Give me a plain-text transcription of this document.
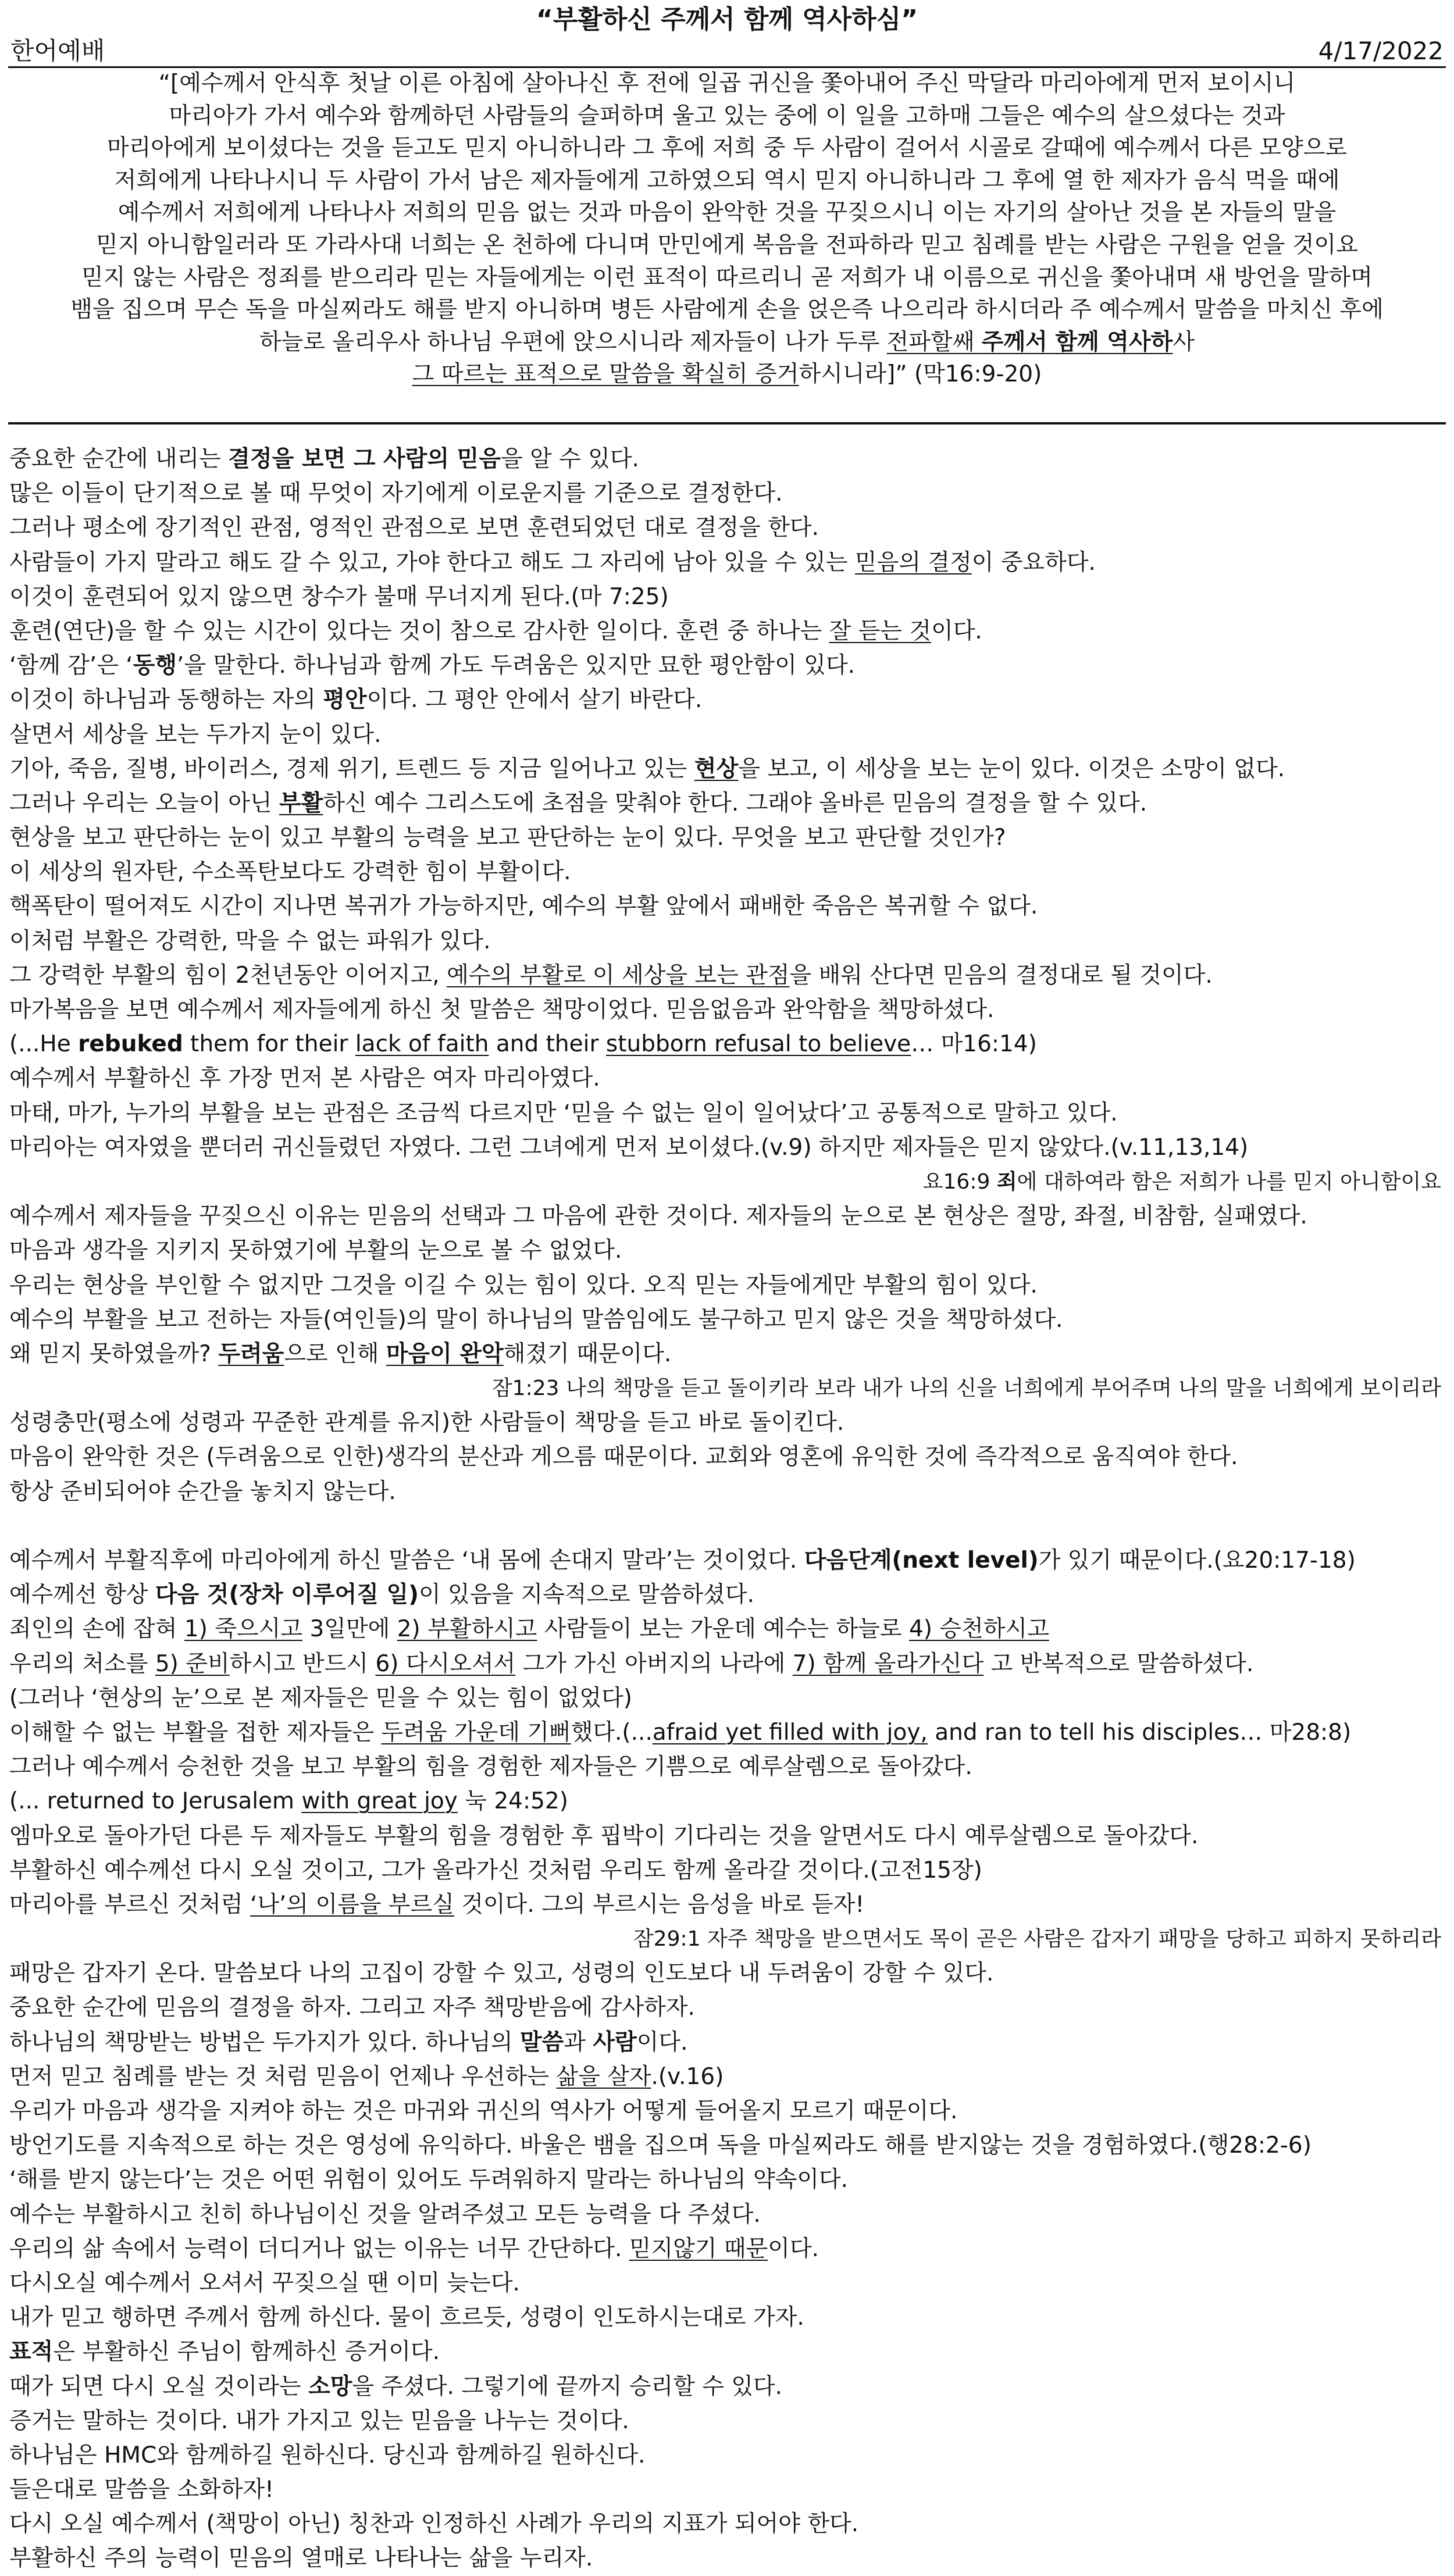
“부활하신 주께서 함께 역사하심”
한어예배	4/17/2022
“[예수께서 안식후 첫날 이른 아침에 살아나신 후 전에 일곱 귀신을 쫓아내어 주신 막달라 마리아에게 먼저 보이시니
마리아가 가서 예수와 함께하던 사람들의 슬퍼하며 울고 있는 중에 이 일을 고하매 그들은 예수의 살으셨다는 것과
마리아에게 보이셨다는 것을 듣고도 믿지 아니하니라 그 후에 저희 중 두 사람이 걸어서 시골로 갈때에 예수께서 다른 모양으로
저희에게 나타나시니 두 사람이 가서 남은 제자들에게 고하였으되 역시 믿지 아니하니라 그 후에 열 한 제자가 음식 먹을 때에
예수께서 저희에게 나타나사 저희의 믿음 없는 것과 마음이 완악한 것을 꾸짖으시니 이는 자기의 살아난 것을 본 자들의 말을
믿지 아니함일러라 또 가라사대 너희는 온 천하에 다니며 만민에게 복음을 전파하라 믿고 침례를 받는 사람은 구원을 얻을 것이요
믿지 않는 사람은 정죄를 받으리라 믿는 자들에게는 이런 표적이 따르리니 곧 저희가 내 이름으로 귀신을 쫓아내며 새 방언을 말하며
뱀을 집으며 무슨 독을 마실찌라도 해를 받지 아니하며 병든 사람에게 손을 얹은즉 나으리라 하시더라 주 예수께서 말씀을 마치신 후에
하늘로 올리우사 하나님 우편에 앉으시니라 제자들이 나가 두루 전파할쌔 주께서 함께 역사하사
그 따르는 표적으로 말씀을 확실히 증거하시니라]” (막16:9-20)
중요한 순간에 내리는 결정을 보면 그 사람의 믿음을 알 수 있다.
많은 이들이 단기적으로 볼 때 무엇이 자기에게 이로운지를 기준으로 결정한다.
그러나 평소에 장기적인 관점, 영적인 관점으로 보면 훈련되었던 대로 결정을 한다.
사람들이 가지 말라고 해도 갈 수 있고, 가야 한다고 해도 그 자리에 남아 있을 수 있는 믿음의 결정이 중요하다.
이것이 훈련되어 있지 않으면 창수가 불매 무너지게 된다.(마 7:25)
훈련(연단)을 할 수 있는 시간이 있다는 것이 참으로 감사한 일이다. 훈련 중 하나는 잘 듣는 것이다.
‘함께 감’은 ‘동행’을 말한다. 하나님과 함께 가도 두려움은 있지만 묘한 평안함이 있다.
이것이 하나님과 동행하는 자의 평안이다. 그 평안 안에서 살기 바란다.
살면서 세상을 보는 두가지 눈이 있다.
기아, 죽음, 질병, 바이러스, 경제 위기, 트렌드 등 지금 일어나고 있는 현상을 보고, 이 세상을 보는 눈이 있다. 이것은 소망이 없다.
그러나 우리는 오늘이 아닌 부활하신 예수 그리스도에 초점을 맞춰야 한다. 그래야 올바른 믿음의 결정을 할 수 있다.
현상을 보고 판단하는 눈이 있고 부활의 능력을 보고 판단하는 눈이 있다. 무엇을 보고 판단할 것인가?
이 세상의 원자탄, 수소폭탄보다도 강력한 힘이 부활이다.
핵폭탄이 떨어져도 시간이 지나면 복귀가 가능하지만, 예수의 부활 앞에서 패배한 죽음은 복귀할 수 없다.
이처럼 부활은 강력한, 막을 수 없는 파워가 있다.
그 강력한 부활의 힘이 2천년동안 이어지고, 예수의 부활로 이 세상을 보는 관점을 배워 산다면 믿음의 결정대로 될 것이다.
마가복음을 보면 예수께서 제자들에게 하신 첫 말씀은 책망이었다. 믿음없음과 완악함을 책망하셨다.
(...He rebuked them for their lack of faith and their stubborn refusal to believe… 마16:14)
예수께서 부활하신 후 가장 먼저 본 사람은 여자 마리아였다.
마태, 마가, 누가의 부활을 보는 관점은 조금씩 다르지만 ‘믿을 수 없는 일이 일어났다’고 공통적으로 말하고 있다.
마리아는 여자였을 뿐더러 귀신들렸던 자였다. 그런 그녀에게 먼저 보이셨다.(v.9) 하지만 제자들은 믿지 않았다.(v.11,13,14)
요16:9 죄에 대하여라 함은 저희가 나를 믿지 아니함이요
예수께서 제자들을 꾸짖으신 이유는 믿음의 선택과 그 마음에 관한 것이다. 제자들의 눈으로 본 현상은 절망, 좌절, 비참함, 실패였다.
마음과 생각을 지키지 못하였기에 부활의 눈으로 볼 수 없었다.
우리는 현상을 부인할 수 없지만 그것을 이길 수 있는 힘이 있다. 오직 믿는 자들에게만 부활의 힘이 있다.
예수의 부활을 보고 전하는 자들(여인들)의 말이 하나님의 말씀임에도 불구하고 믿지 않은 것을 책망하셨다.
왜 믿지 못하였을까? 두려움으로 인해 마음이 완악해졌기 때문이다.
잠1:23 나의 책망을 듣고 돌이키라 보라 내가 나의 신을 너희에게 부어주며 나의 말을 너희에게 보이리라
성령충만(평소에 성령과 꾸준한 관계를 유지)한 사람들이 책망을 듣고 바로 돌이킨다.
마음이 완악한 것은 (두려움으로 인한)생각의 분산과 게으름 때문이다. 교회와 영혼에 유익한 것에 즉각적으로 움직여야 한다.
항상 준비되어야 순간을 놓치지 않는다.
예수께서 부활직후에 마리아에게 하신 말씀은 ‘내 몸에 손대지 말라’는 것이었다. 다음단계(next level)가 있기 때문이다.(요20:17-18)
예수께선 항상 다음 것(장차 이루어질 일)이 있음을 지속적으로 말씀하셨다.
죄인의 손에 잡혀 1) 죽으시고 3일만에 2) 부활하시고 사람들이 보는 가운데 예수는 하늘로 4) 승천하시고
우리의 처소를 5) 준비하시고 반드시 6) 다시오셔서 그가 가신 아버지의 나라에 7) 함께 올라가신다 고 반복적으로 말씀하셨다.
(그러나 ‘현상의 눈’으로 본 제자들은 믿을 수 있는 힘이 없었다)
이해할 수 없는 부활을 접한 제자들은 두려움 가운데 기뻐했다.(...afraid yet filled with joy, and ran to tell his disciples… 마28:8)
그러나 예수께서 승천한 것을 보고 부활의 힘을 경험한 제자들은 기쁨으로 예루살렘으로 돌아갔다.
(... returned to Jerusalem with great joy 눅 24:52)
엠마오로 돌아가던 다른 두 제자들도 부활의 힘을 경험한 후 핍박이 기다리는 것을 알면서도 다시 예루살렘으로 돌아갔다.
부활하신 예수께선 다시 오실 것이고, 그가 올라가신 것처럼 우리도 함께 올라갈 것이다.(고전15장)
마리아를 부르신 것처럼 ‘나’의 이름을 부르실 것이다. 그의 부르시는 음성을 바로 듣자!
잠29:1 자주 책망을 받으면서도 목이 곧은 사람은 갑자기 패망을 당하고 피하지 못하리라
패망은 갑자기 온다. 말씀보다 나의 고집이 강할 수 있고, 성령의 인도보다 내 두려움이 강할 수 있다.
중요한 순간에 믿음의 결정을 하자. 그리고 자주 책망받음에 감사하자.
하나님의 책망받는 방법은 두가지가 있다. 하나님의 말씀과 사람이다.
먼저 믿고 침례를 받는 것 처럼 믿음이 언제나 우선하는 삶을 살자.(v.16)
우리가 마음과 생각을 지켜야 하는 것은 마귀와 귀신의 역사가 어떻게 들어올지 모르기 때문이다.
방언기도를 지속적으로 하는 것은 영성에 유익하다. 바울은 뱀을 집으며 독을 마실찌라도 해를 받지않는 것을 경험하였다.(행28:2-6)
‘해를 받지 않는다’는 것은 어떤 위험이 있어도 두려워하지 말라는 하나님의 약속이다.
예수는 부활하시고 친히 하나님이신 것을 알려주셨고 모든 능력을 다 주셨다.
우리의 삶 속에서 능력이 더디거나 없는 이유는 너무 간단하다. 믿지않기 때문이다.
다시오실 예수께서 오셔서 꾸짖으실 땐 이미 늦는다.
내가 믿고 행하면 주께서 함께 하신다. 물이 흐르듯, 성령이 인도하시는대로 가자.
표적은 부활하신 주님이 함께하신 증거이다.
때가 되면 다시 오실 것이라는 소망을 주셨다. 그렇기에 끝까지 승리할 수 있다.
증거는 말하는 것이다. 내가 가지고 있는 믿음을 나누는 것이다.
하나님은 HMC와 함께하길 원하신다. 당신과 함께하길 원하신다.
들은대로 말씀을 소화하자!
다시 오실 예수께서 (책망이 아닌) 칭찬과 인정하신 사례가 우리의 지표가 되어야 한다.
부활하신 주의 능력이 믿음의 열매로 나타나는 삶을 누리자.
